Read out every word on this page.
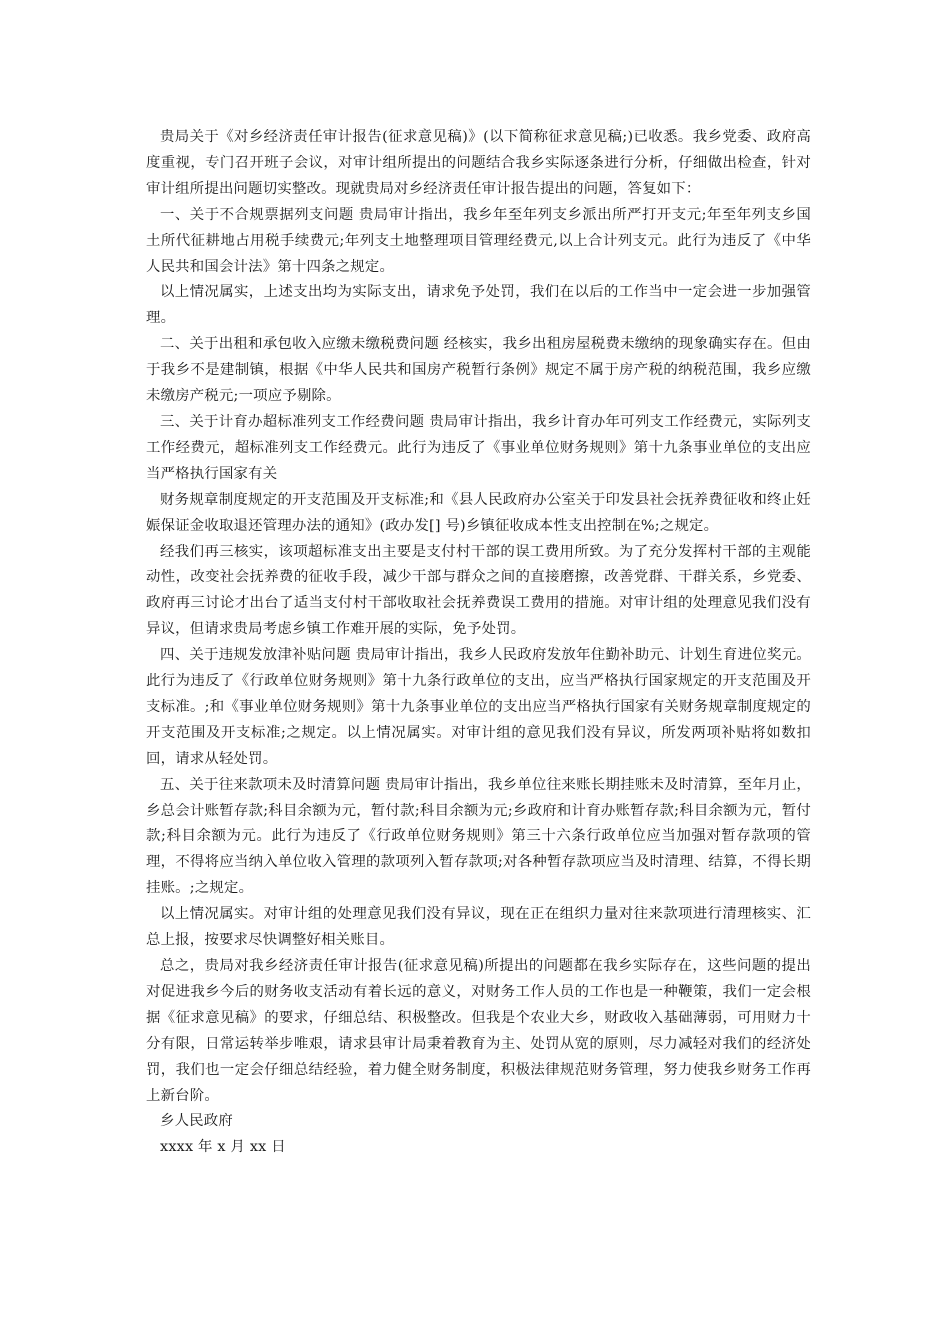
贵局关于《对乡经济责任审计报告(征求意见稿)》(以下简称征求意见稿;)已收悉。我乡党委、政府高度重视，专门召开班子会议，对审计组所提出的问题结合我乡实际逐条进行分析，仔细做出检查，针对审计组所提出问题切实整改。现就贵局对乡经济责任审计报告提出的问题，答复如下：

一、关于不合规票据列支问题 贵局审计指出，我乡年至年列支乡派出所严打开支元;年至年列支乡国土所代征耕地占用税手续费元;年列支土地整理项目管理经费元,以上合计列支元。此行为违反了《中华人民共和国会计法》第十四条之规定。

以上情况属实，上述支出均为实际支出，请求免予处罚，我们在以后的工作当中一定会进一步加强管理。

二、关于出租和承包收入应缴未缴税费问题 经核实，我乡出租房屋税费未缴纳的现象确实存在。但由于我乡不是建制镇，根据《中华人民共和国房产税暂行条例》规定不属于房产税的纳税范围，我乡应缴未缴房产税元;一项应予剔除。

三、关于计育办超标准列支工作经费问题 贵局审计指出，我乡计育办年可列支工作经费元，实际列支工作经费元，超标准列支工作经费元。此行为违反了《事业单位财务规则》第十九条事业单位的支出应当严格执行国家有关

财务规章制度规定的开支范围及开支标准;和《县人民政府办公室关于印发县社会抚养费征收和终止妊娠保证金收取退还管理办法的通知》(政办发[] 号)乡镇征收成本性支出控制在%;之规定。

经我们再三核实，该项超标准支出主要是支付村干部的误工费用所致。为了充分发挥村干部的主观能动性，改变社会抚养费的征收手段，减少干部与群众之间的直接磨擦，改善党群、干群关系，乡党委、政府再三讨论才出台了适当支付村干部收取社会抚养费误工费用的措施。对审计组的处理意见我们没有异议，但请求贵局考虑乡镇工作难开展的实际，免予处罚。

四、关于违规发放津补贴问题 贵局审计指出，我乡人民政府发放年住勤补助元、计划生育进位奖元。此行为违反了《行政单位财务规则》第十九条行政单位的支出，应当严格执行国家规定的开支范围及开支标准。;和《事业单位财务规则》第十九条事业单位的支出应当严格执行国家有关财务规章制度规定的开支范围及开支标准;之规定。以上情况属实。对审计组的意见我们没有异议，所发两项补贴将如数扣回，请求从轻处罚。

五、关于往来款项未及时清算问题 贵局审计指出，我乡单位往来账长期挂账未及时清算，至年月止，乡总会计账暂存款;科目余额为元，暂付款;科目余额为元;乡政府和计育办账暂存款;科目余额为元，暂付款;科目余额为元。此行为违反了《行政单位财务规则》第三十六条行政单位应当加强对暂存款项的管理，不得将应当纳入单位收入管理的款项列入暂存款项;对各种暂存款项应当及时清理、结算，不得长期挂账。;之规定。

以上情况属实。对审计组的处理意见我们没有异议，现在正在组织力量对往来款项进行清理核实、汇总上报，按要求尽快调整好相关账目。

总之，贵局对我乡经济责任审计报告(征求意见稿)所提出的问题都在我乡实际存在，这些问题的提出对促进我乡今后的财务收支活动有着长远的意义，对财务工作人员的工作也是一种鞭策，我们一定会根据《征求意见稿》的要求，仔细总结、积极整改。但我是个农业大乡，财政收入基础薄弱，可用财力十分有限，日常运转举步唯艰，请求县审计局秉着教育为主、处罚从宽的原则，尽力减轻对我们的经济处罚，我们也一定会仔细总结经验，着力健全财务制度，积极法律规范财务管理，努力使我乡财务工作再上新台阶。

乡人民政府

xxxx 年 x 月 xx 日
